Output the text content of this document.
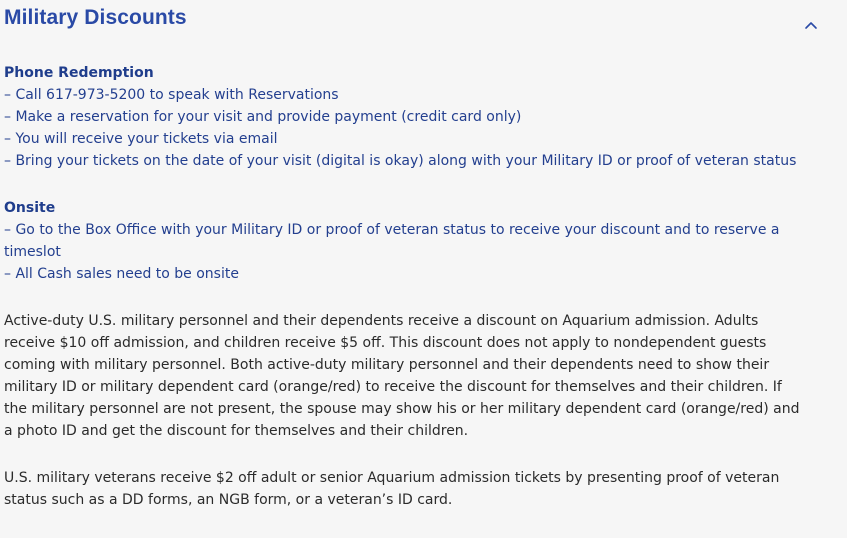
Military Discounts

Phone Redemption

– Call 617-973-5200 to speak with Reservations

– Make a reservation for your visit and provide payment (credit card only)

– You will receive your tickets via email

– Bring your tickets on the date of your visit (digital is okay) along with your Military ID or proof of veteran status

Onsite

– Go to the Box Office with your Military ID or proof of veteran status to receive your discount and to reserve a

timeslot

– All Cash sales need to be onsite

Active-duty U.S. military personnel and their dependents receive a discount on Aquarium admission. Adults
receive $10 off admission, and children receive $5 off. This discount does not apply to nondependent guests
coming with military personnel. Both active-duty military personnel and their dependents need to show their
military ID or military dependent card (orange/red) to receive the discount for themselves and their children. If
the military personnel are not present, the spouse may show his or her military dependent card (orange/red) and
a photo ID and get the discount for themselves and their children.

U.S. military veterans receive $2 off adult or senior Aquarium admission tickets by presenting proof of veteran
status such as a DD forms, an NGB form, or a veteran’s ID card.
